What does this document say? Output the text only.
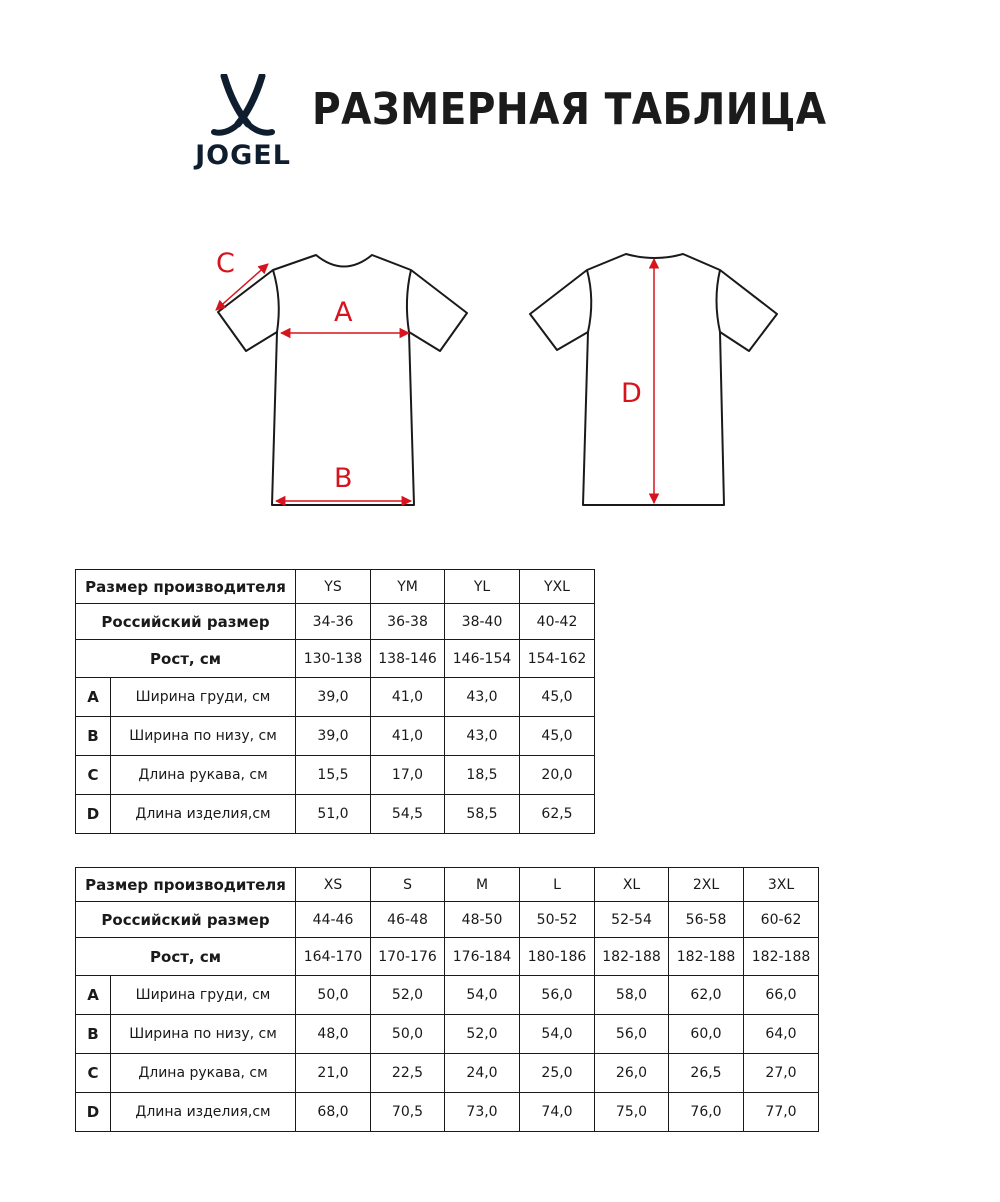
JOGEL
РАЗМЕРНАЯ ТАБЛИЦА
A
B
C
D
Размер производителя		YS	YM	YL	YXL
Российский размер		34-36	36-38	38-40	40-42
Рост, см		130-138	138-146	146-154	154-162
A	Ширина груди, см	39,0	41,0	43,0	45,0
B	Ширина по низу, см	39,0	41,0	43,0	45,0
C	Длина рукава, см	15,5	17,0	18,5	20,0
D	Длина изделия,см	51,0	54,5	58,5	62,5
Размер производителя		XS	S	M	L	XL	2XL	3XL
Российский размер		44-46	46-48	48-50	50-52	52-54	56-58	60-62
Рост, см		164-170	170-176	176-184	180-186	182-188	182-188	182-188
A	Ширина груди, см	50,0	52,0	54,0	56,0	58,0	62,0	66,0
B	Ширина по низу, см	48,0	50,0	52,0	54,0	56,0	60,0	64,0
C	Длина рукава, см	21,0	22,5	24,0	25,0	26,0	26,5	27,0
D	Длина изделия,см	68,0	70,5	73,0	74,0	75,0	76,0	77,0
